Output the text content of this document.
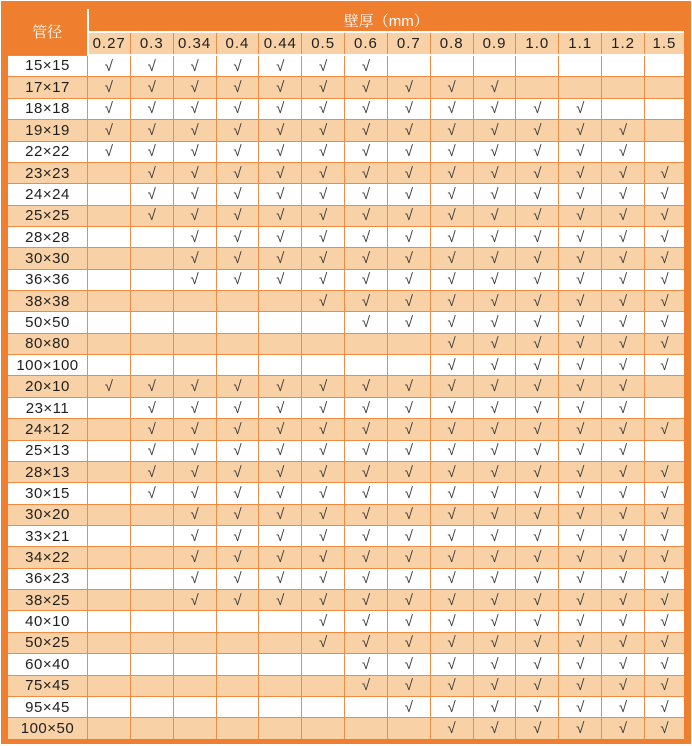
管径	壁厚（mm）													
	0.27	0.3	0.34	0.4	0.44	0.5	0.6	0.7	0.8	0.9	1.0	1.1	1.2	1.5
15×15	√	√	√	√	√	√	√							
17×17	√	√	√	√	√	√	√	√	√	√				
18×18	√	√	√	√	√	√	√	√	√	√	√	√		
19×19	√	√	√	√	√	√	√	√	√	√	√	√	√	
22×22	√	√	√	√	√	√	√	√	√	√	√	√	√	
23×23		√	√	√	√	√	√	√	√	√	√	√	√	√
24×24		√	√	√	√	√	√	√	√	√	√	√	√	√
25×25		√	√	√	√	√	√	√	√	√	√	√	√	√
28×28			√	√	√	√	√	√	√	√	√	√	√	√
30×30			√	√	√	√	√	√	√	√	√	√	√	√
36×36			√	√	√	√	√	√	√	√	√	√	√	√
38×38						√	√	√	√	√	√	√	√	√
50×50							√	√	√	√	√	√	√	√
80×80									√	√	√	√	√	√
100×100									√	√	√	√	√	√
20×10	√	√	√	√	√	√	√	√	√	√	√	√	√	
23×11		√	√	√	√	√	√	√	√	√	√	√	√	
24×12		√	√	√	√	√	√	√	√	√	√	√	√	√
25×13		√	√	√	√	√	√	√	√	√	√	√	√	
28×13		√	√	√	√	√	√	√	√	√	√	√	√	√
30×15		√	√	√	√	√	√	√	√	√	√	√	√	√
30×20			√	√	√	√	√	√	√	√	√	√	√	√
33×21			√	√	√	√	√	√	√	√	√	√	√	√
34×22			√	√	√	√	√	√	√	√	√	√	√	√
36×23			√	√	√	√	√	√	√	√	√	√	√	√
38×25			√	√	√	√	√	√	√	√	√	√	√	√
40×10						√	√	√	√	√	√	√	√	√
50×25						√	√	√	√	√	√	√	√	√
60×40							√	√	√	√	√	√	√	√
75×45							√	√	√	√	√	√	√	√
95×45								√	√	√	√	√	√	√
100×50									√	√	√	√	√	√
